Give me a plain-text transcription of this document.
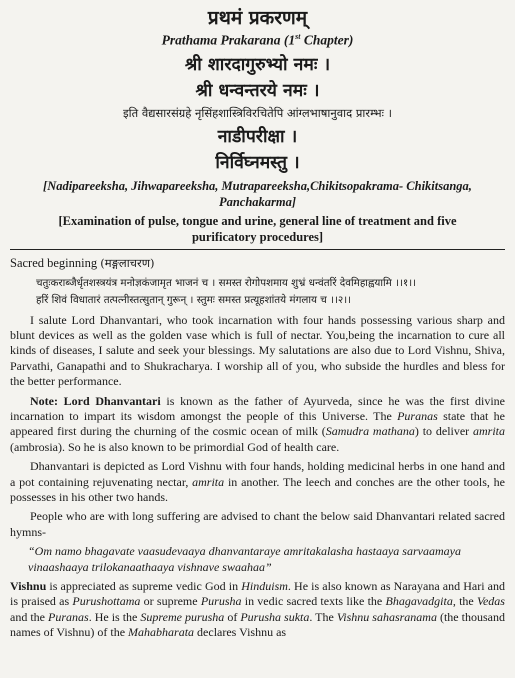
प्रथमं प्रकरणम्

Prathama Prakarana (1st Chapter)

श्री शारदागुरुभ्यो नमः ।

श्री धन्वन्तरये नमः ।

इति वैद्यसारसंग्रहे नृसिंहशास्त्रिविरचितेपि आंग्लभाषानुवाद प्रारम्भः ।

नाडीपरीक्षा ।

निर्विघ्नमस्तु ।

[Nadipareeksha, Jihwapareeksha, Mutrapareeksha,Chikitsopakrama- Chikitsanga,
Panchakarma]
[Examination of pulse, tongue and urine, general line of treatment and five
purificatory procedures]

Sacred beginning (मङ्गलाचरण)

चतुःकराब्जैर्धृतशस्त्रयंत्र मनोज्ञकंजामृत भाजनं च । समस्त रोगोपशमाय शुभ्रं धन्वंतरिं देवमिहाह्वयामि ।।१।।
हरिं शिवं विधातारं तत्पत्नीस्तत्सुतान् गुरून् । स्तुमः समस्त प्रत्यूहशांतये मंगलाय च ।।२।।

I salute Lord Dhanvantari, who took incarnation with four hands possessing various sharp and blunt devices as well as the golden vase which is full of nectar. You,being the incarnation to cure all kinds of diseases, I salute and seek your blessings. My salutations are also due to Lord Vishnu, Shiva, Parvathi, Ganapathi and to Shukracharya. I worship all of you, who subside the hurdles and bless for the better performance.

Note: Lord Dhanvantari is known as the father of Ayurveda, since he was the first divine incarnation to impart its wisdom amongst the people of this Universe. The Puranas state that he appeared first during the churning of the cosmic ocean of milk (Samudra mathana) to deliver amrita (ambrosia). So he is also known to be primordial God of health care.

Dhanvantari is depicted as Lord Vishnu with four hands, holding medicinal herbs in one hand and a pot containing rejuvenating nectar, amrita in another. The leech and conches are the other tools, he possesses in his other two hands.

People who are with long suffering are advised to chant the below said Dhanvantari related sacred hymns-

“Om namo bhagavate vaasudevaaya dhanvantaraye amritakalasha hastaaya sarvaamaya vinaashaaya trilokanaathaaya vishnave swaahaa”

Vishnu is appreciated as supreme vedic God in Hinduism. He is also known as Narayana and Hari and is praised as Purushottama or supreme Purusha in vedic sacred texts like the Bhagavadgita, the Vedas and the Puranas. He is the Supreme purusha of Purusha sukta. The Vishnu sahasranama (the thousand names of Vishnu) of the Mahabharata declares Vishnu as
